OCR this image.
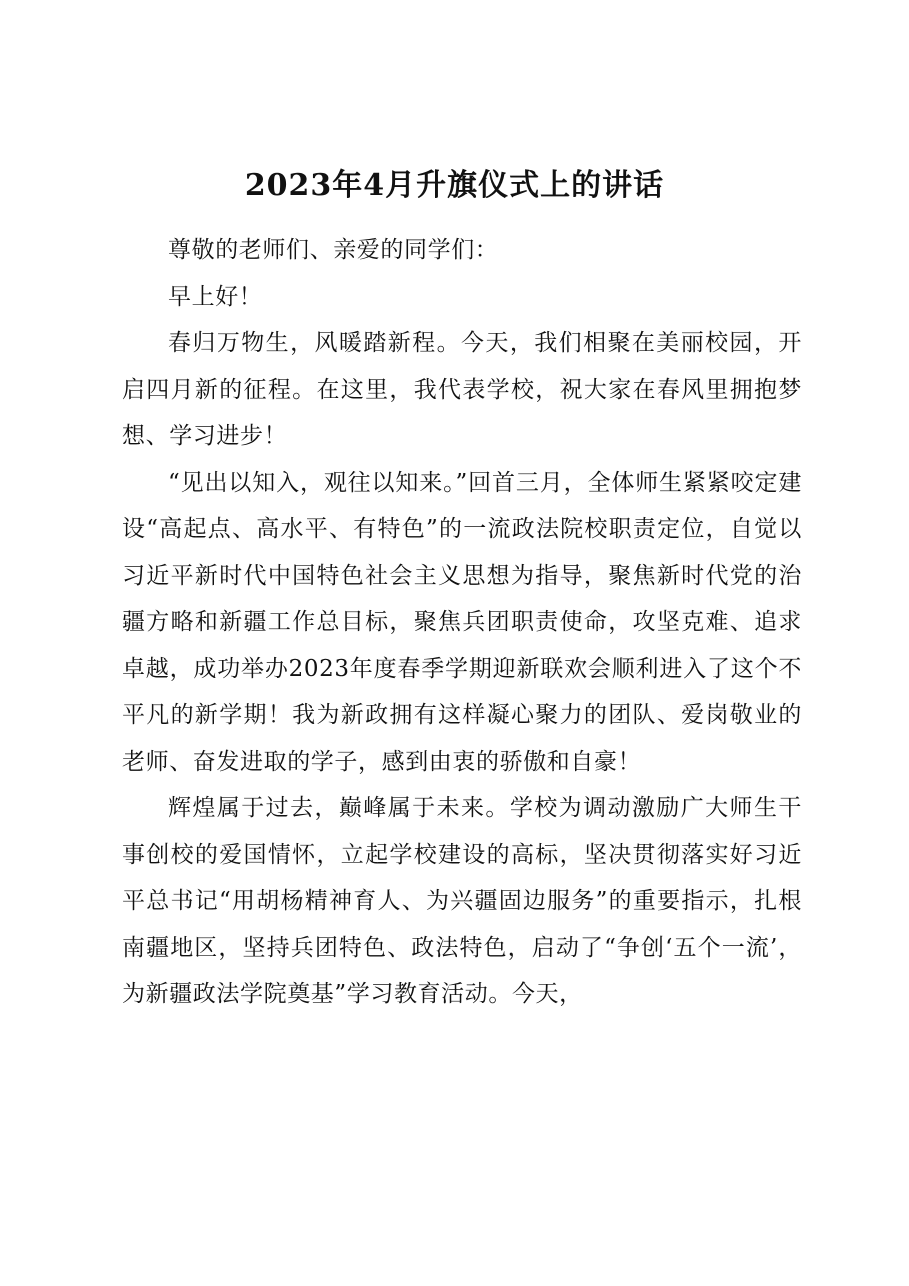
2023年4月升旗仪式上的讲话

尊敬的老师们、亲爱的同学们：

早上好！

春归万物生，风暖踏新程。今天，我们相聚在美丽校园，开启四月新的征程。在这里，我代表学校，祝大家在春风里拥抱梦想、学习进步！

“见出以知入，观往以知来。”回首三月，全体师生紧紧咬定建设“高起点、高水平、有特色”的一流政法院校职责定位，自觉以习近平新时代中国特色社会主义思想为指导，聚焦新时代党的治疆方略和新疆工作总目标，聚焦兵团职责使命，攻坚克难、追求卓越，成功举办2023年度春季学期迎新联欢会顺利进入了这个不平凡的新学期！我为新政拥有这样凝心聚力的团队、爱岗敬业的老师、奋发进取的学子，感到由衷的骄傲和自豪！

辉煌属于过去，巅峰属于未来。学校为调动激励广大师生干事创校的爱国情怀，立起学校建设的高标，坚决贯彻落实好习近平总书记“用胡杨精神育人、为兴疆固边服务”的重要指示，扎根南疆地区，坚持兵团特色、政法特色，启动了“争创‘五个一流’，为新疆政法学院奠基”学习教育活动。今天，
